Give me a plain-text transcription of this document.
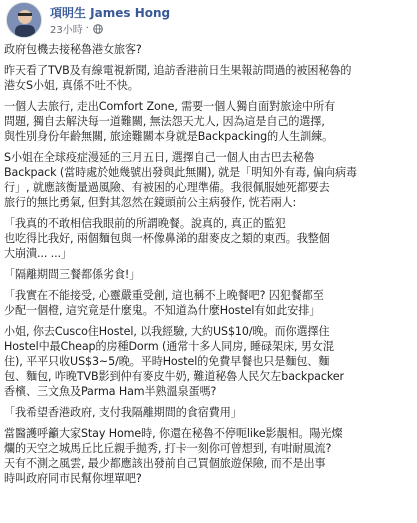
項明生 James Hong
23小時 ·

政府包機去接秘魯港女旅客?

昨天看了TVB及有線電視新聞, 追訪香港前日生果報訪問過的被困秘魯的
港女S小姐, 真係不吐不快。

一個人去旅行, 走出Comfort Zone, 需要一個人獨自面對旅途中所有
問題, 獨自去解決每一道難關, 無法怨天尤人, 因為這是自己的選擇,
與性別身份年齡無關, 旅途難關本身就是Backpacking的人生訓練。

S小姐在全球疫症漫延的三月五日, 選擇自己一個人由古巴去秘魯
Backpack (當時處於她幾號出發與此無關), 就是「明知外有毒, 偏向病毒
行」, 就應該衡量過風險、有被困的心理準備。我很佩服她死都要去
旅行的無比勇氣, 但對其忽然在鏡頭前公主病發作, 恍若兩人:

「我真的不敢相信我眼前的所謂晚餐。說真的, 真正的監犯
也吃得比我好, 兩個麵包與一杯像鼻涕的甜麥皮之類的東西。我整個
大崩潰... ...」

「隔離期間三餐都係劣食!」

「我實在不能接受, 心靈嚴重受創, 這也稱不上晚餐吧? 囚犯餐都至
少配一個橙, 這究竟是什麼鬼。不知道為什麼Hostel有如此安排」

小姐, 你去Cusco住Hostel, 以我經驗, 大約US$10/晚。而你選擇住
Hostel中最Cheap的房種Dorm (通常十多人同房, 睡碌架床, 男女混
住), 平平只收US$3~5/晚。平時Hostel的免費早餐也只是麵包、麵
包、麵包, 咋晚TVB影到仲有麥皮牛奶, 難道秘魯人民欠左backpacker
香檳、三文魚及Parma Ham半熟溫泉蛋嗎?

「我希望香港政府, 支付我隔離期間的食宿費用」

當醫護呼籲大家Stay Home時, 你還在秘魯不停呃like影靚相。陽光燦
爛的天空之城馬丘比丘親手拋秀, 打卡一刻你可曾想到, 有咁耐風流?
天有不測之風雲, 最少都應該出發前自己買個旅遊保險, 而不是出事
時叫政府同市民幫你埋單吧?
